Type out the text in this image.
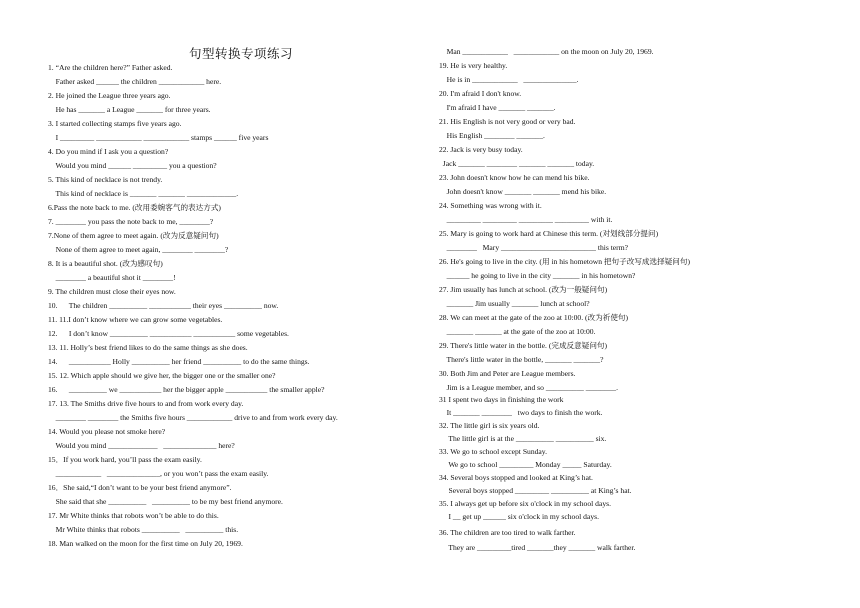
句型转换专项练习
1. “Are the children here?” Father asked.
Father asked ______ the children ____________ here.
2. He joined the League three years ago.
He has _______ a League _______ for three years.
3. I started collecting stamps five years ago.
I _________ ____________ ____________ stamps ______ five years
4. Do you mind if I ask you a question?
Would you mind ______ _________ you a question?
5. This kind of necklace is not trendy.
This kind of necklace is _______ _______ _____________.
6.Pass the note back to me. (改用委婉客气的表达方式)
7. ________ you pass the note back to me, ________?
7.None of them agree to meet again. (改为反意疑问句)
None of them agree to meet again, ________ ________?
8. It is a beautiful shot. (改为感叹句)
________ a beautiful shot it ________!
9. The children must close their eyes now.
10.      The children __________ ___________ their eyes __________ now.
11. 11.I don’t know where we can grow some vegetables.
12.      I don’t know __________ ___________ ___________ some vegetables.
13. 11. Holly’s best friend likes to do the same things as she does.
14.      ___________ Holly __________ her friend __________ to do the same things.
15. 12. Which apple should we give her, the bigger one or the smaller one?
16.      __________ we ___________ her the bigger apple ___________ the smaller apple?
17. 13. The Smiths drive five hours to and from work every day.
________ ________ the Smiths five hours ____________ drive to and from work every day.
14. Would you please not smoke here?
Would you mind _____________   ______________ here?
15．If you work hard, you’ll pass the exam easily.
____________   ______________, or you won’t pass the exam easily.
16．She said,“I don’t want to be your best friend anymore”.
She said that she __________   __________ to be my best friend anymore.
17. Mr White thinks that robots won’t be able to do this.
Mr White thinks that robots __________   __________ this.
18. Man walked on the moon for the first time on July 20, 1969.
Man ____________   ____________ on the moon on July 20, 1969.
19. He is very healthy.
He is in ____________   ______________.
20. I'm afraid I don't know.
I'm afraid I have _______ _______.
21. His English is not very good or very bad.
His English ________ _______.
22. Jack is very busy today.
Jack _______ ________ _______ _______ today.
23. John doesn't know how he can mend his bike.
John doesn't know _______ _______ mend his bike.
24. Something was wrong with it.
_________ _________ _________ _________ with it.
25. Mary is going to work hard at Chinese this term. (对划线部分提问)
________   Mary _________________________ this term?
26. He's going to live in the city. (用 in his hometown 把句子改写成选择疑问句)
______ he going to live in the city _______ in his hometown?
27. Jim usually has lunch at school. (改为一般疑问句)
_______ Jim usually _______ lunch at school?
28. We can meet at the gate of the zoo at 10:00. (改为祈使句)
_______ _______ at the gate of the zoo at 10:00.
29. There's little water in the bottle. (完成反意疑问句)
There's little water in the bottle, _______ _______?
30. Both Jim and Peter are League members.
Jim is a League member, and so __________ ________.
31 I spent two days in finishing the work
It _______ ________   two days to finish the work.
32. The little girl is six years old.
The little girl is at the __________ __________ six.
33. We go to school except Sunday.
We go to school _________ Monday _____ Saturday.
34. Several boys stopped and looked at King’s hat.
Several boys stopped _________ __________ at King’s hat.
35. I always get up before six o'clock in my school days.
I __ get up ______ six o'clock in my school days.
36. The children are too tired to walk farther.
They are _________tired _______they _______ walk farther.
